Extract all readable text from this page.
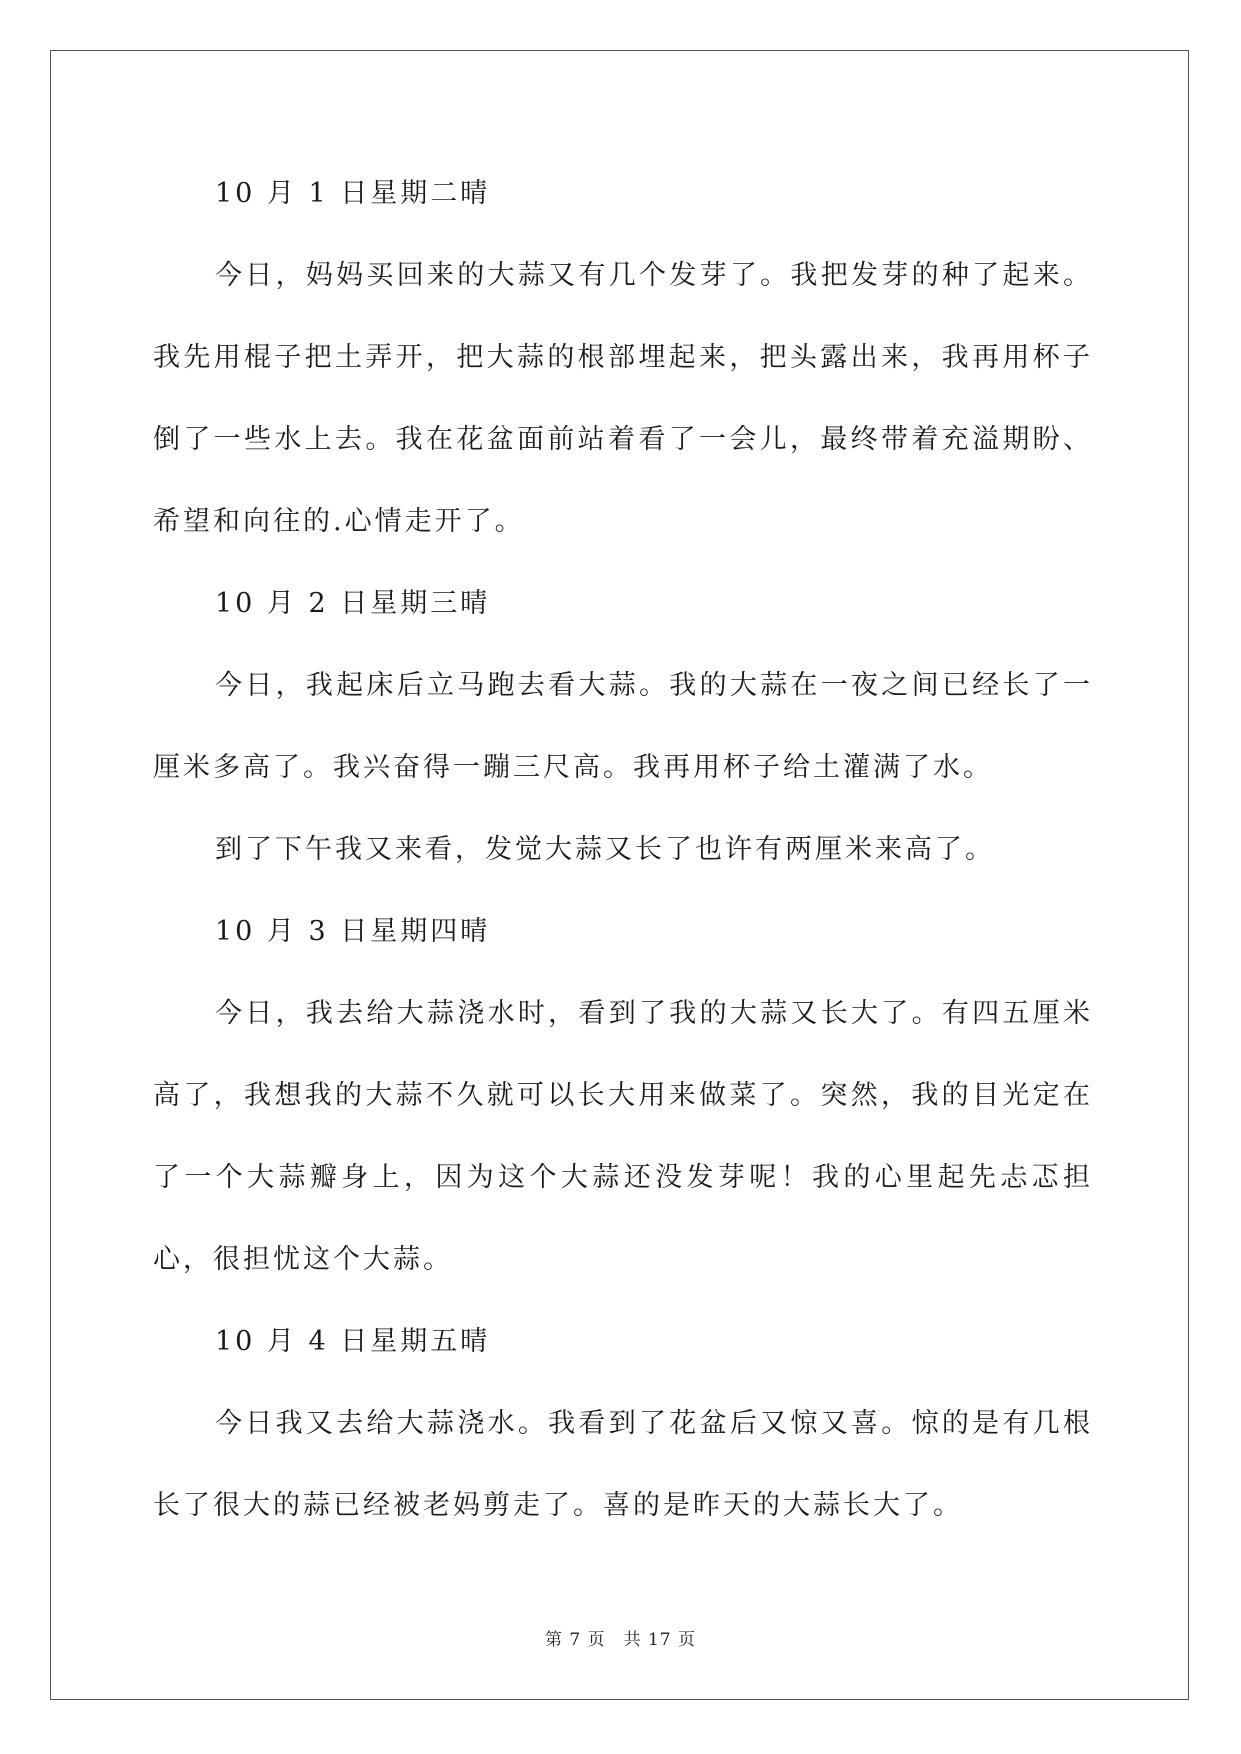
10 月 1 日星期二晴

今日，妈妈买回来的大蒜又有几个发芽了。我把发芽的种了起来。我先用棍子把土弄开，把大蒜的根部埋起来，把头露出来，我再用杯子倒了一些水上去。我在花盆面前站着看了一会儿，最终带着充溢期盼、希望和向往的.心情走开了。

10 月 2 日星期三晴

今日，我起床后立马跑去看大蒜。我的大蒜在一夜之间已经长了一厘米多高了。我兴奋得一蹦三尺高。我再用杯子给土灌满了水。

到了下午我又来看，发觉大蒜又长了也许有两厘米来高了。

10 月 3 日星期四晴

今日，我去给大蒜浇水时，看到了我的大蒜又长大了。有四五厘米高了，我想我的大蒜不久就可以长大用来做菜了。突然，我的目光定在了一个大蒜瓣身上，因为这个大蒜还没发芽呢！我的心里起先忐忑担心，很担忧这个大蒜。

10 月 4 日星期五晴

今日我又去给大蒜浇水。我看到了花盆后又惊又喜。惊的是有几根长了很大的蒜已经被老妈剪走了。喜的是昨天的大蒜长大了。

第 7 页 共 17 页
